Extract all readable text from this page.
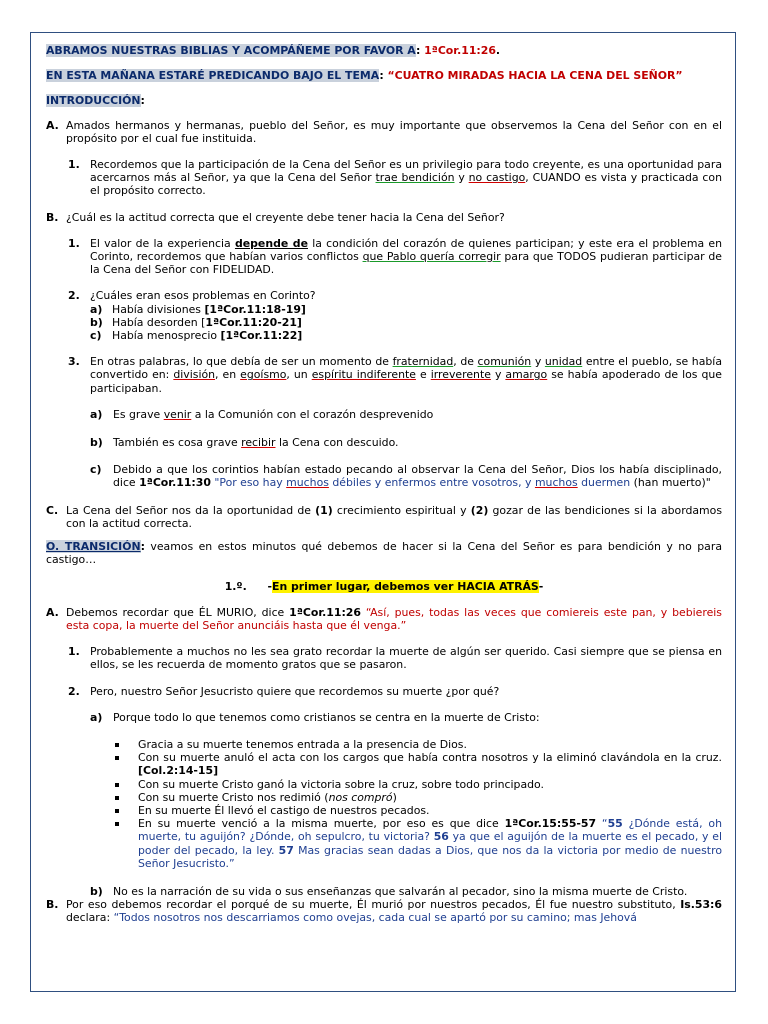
ABRAMOS NUESTRAS BIBLIAS Y ACOMPÁÑEME POR FAVOR A: 1ªCor.11:26.

EN ESTA MAÑANA ESTARÉ PREDICANDO BAJO EL TEMA: “CUATRO MIRADAS HACIA LA CENA DEL SEÑOR”

INTRODUCCIÓN:

A. Amados hermanos y hermanas, pueblo del Señor, es muy importante que observemos la Cena del Señor con en el propósito por el cual fue instituida.
1. Recordemos que la participación de la Cena del Señor es un privilegio para todo creyente, es una oportunidad para acercarnos más al Señor, ya que la Cena del Señor trae bendición y no castigo, CUANDO es vista y practicada con el propósito correcto.
B. ¿Cuál es la actitud correcta que el creyente debe tener hacia la Cena del Señor?
1. El valor de la experiencia depende de la condición del corazón de quienes participan; y este era el problema en Corinto, recordemos que habían varios conflictos que Pablo quería corregir para que TODOS pudieran participar de la Cena del Señor con FIDELIDAD.
2. ¿Cuáles eran esos problemas en Corinto?
a) Había divisiones [1ªCor.11:18-19]
b) Había desorden [1ªCor.11:20-21]
c) Había menosprecio [1ªCor.11:22]
3. En otras palabras, lo que debía de ser un momento de fraternidad, de comunión y unidad entre el pueblo, se había convertido en: división, en egoísmo, un espíritu indiferente e irreverente y amargo se había apoderado de los que participaban.
a) Es grave venir a la Comunión con el corazón desprevenido
b) También es cosa grave recibir la Cena con descuido.
c) Debido a que los corintios habían estado pecando al observar la Cena del Señor, Dios los había disciplinado, dice 1ªCor.11:30 "Por eso hay muchos débiles y enfermos entre vosotros, y muchos duermen (han muerto)"
C. La Cena del Señor nos da la oportunidad de (1) crecimiento espiritual y (2) gozar de las bendiciones si la abordamos con la actitud correcta.

O. TRANSICIÓN: veamos en estos minutos qué debemos de hacer si la Cena del Señor es para bendición y no para castigo…

1.º. -En primer lugar, debemos ver HACIA ATRÁS-

A. Debemos recordar que ÉL MURIO, dice 1ªCor.11:26 “Así, pues, todas las veces que comiereis este pan, y bebiereis esta copa, la muerte del Señor anunciáis hasta que él venga.”
1. Probablemente a muchos no les sea grato recordar la muerte de algún ser querido. Casi siempre que se piensa en ellos, se les recuerda de momento gratos que se pasaron.
2. Pero, nuestro Señor Jesucristo quiere que recordemos su muerte ¿por qué?
a) Porque todo lo que tenemos como cristianos se centra en la muerte de Cristo:
Gracia a su muerte tenemos entrada a la presencia de Dios.
Con su muerte anuló el acta con los cargos que había contra nosotros y la eliminó clavándola en la cruz. [Col.2:14-15]
Con su muerte Cristo ganó la victoria sobre la cruz, sobre todo principado.
Con su muerte Cristo nos redimió (nos compró)
En su muerte Él llevó el castigo de nuestros pecados.
En su muerte venció a la misma muerte, por eso es que dice 1ªCor.15:55-57 “55 ¿Dónde está, oh muerte, tu aguijón? ¿Dónde, oh sepulcro, tu victoria? 56 ya que el aguijón de la muerte es el pecado, y el poder del pecado, la ley. 57 Mas gracias sean dadas a Dios, que nos da la victoria por medio de nuestro Señor Jesucristo.”
b) No es la narración de su vida o sus enseñanzas que salvarán al pecador, sino la misma muerte de Cristo.
B. Por eso debemos recordar el porqué de su muerte, Él murió por nuestros pecados, Él fue nuestro substituto, Is.53:6 declara: “Todos nosotros nos descarriamos como ovejas, cada cual se apartó por su camino; mas Jehová
